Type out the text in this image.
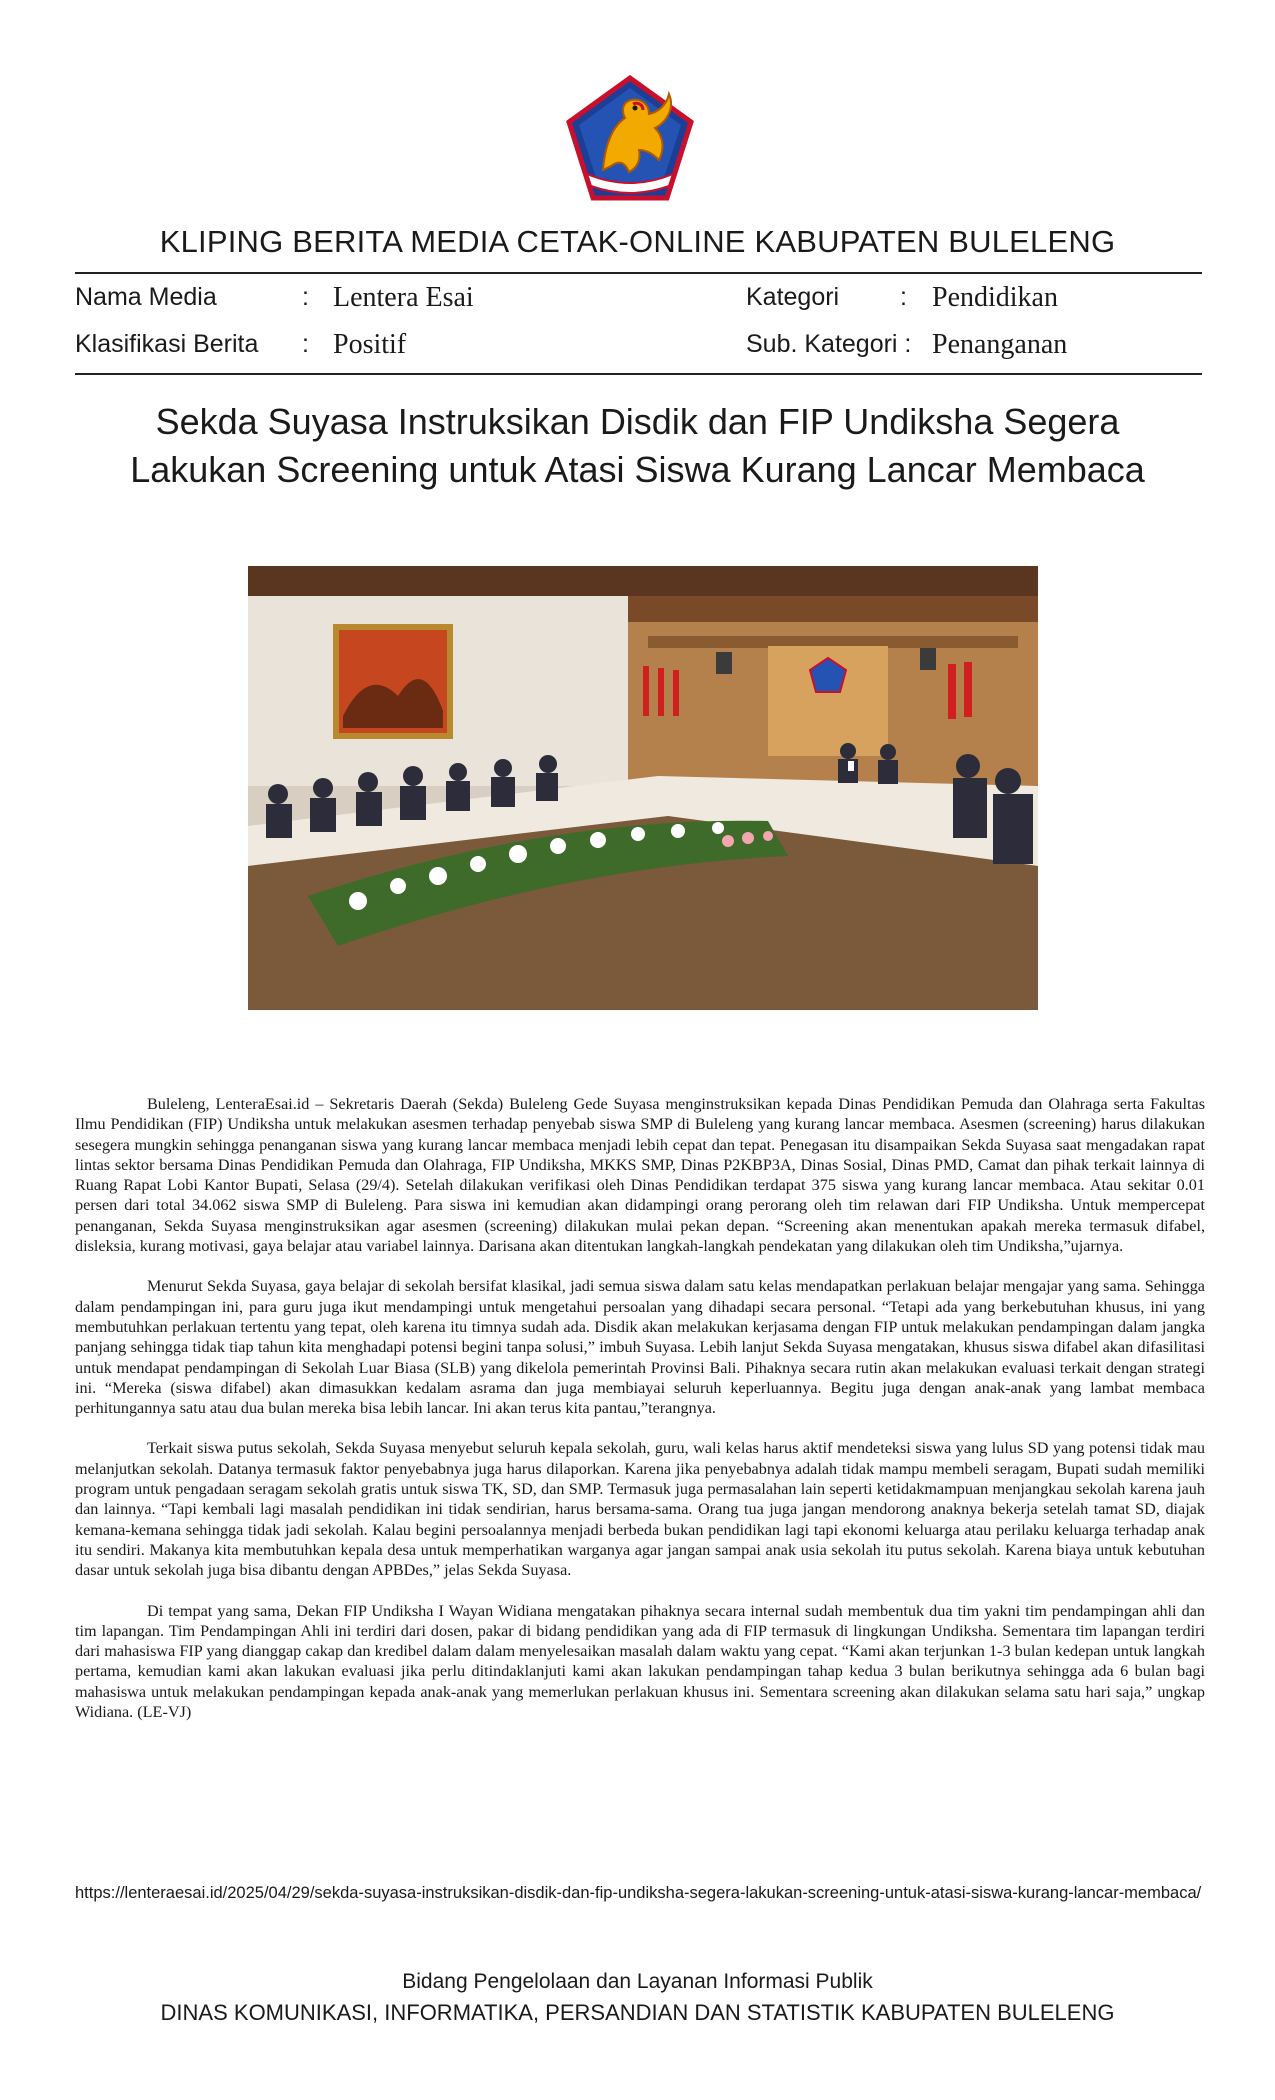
KLIPING BERITA MEDIA CETAK-ONLINE KABUPATEN BULELENG
Nama Media	: Lentera Esai
Klasifikasi Berita : Positif
Kategori : Pendidikan
Sub. Kategori : Penanganan
Sekda Suyasa Instruksikan Disdik dan FIP Undiksha Segera Lakukan Screening untuk Atasi Siswa Kurang Lancar Membaca

Buleleng, LenteraEsai.id – Sekretaris Daerah (Sekda) Buleleng Gede Suyasa menginstruksikan kepada Dinas Pendidikan Pemuda dan Olahraga serta Fakultas Ilmu Pendidikan (FIP) Undiksha untuk melakukan asesmen terhadap penyebab siswa SMP di Buleleng yang kurang lancar membaca. Asesmen (screening) harus dilakukan sesegera mungkin sehingga penanganan siswa yang kurang lancar membaca menjadi lebih cepat dan tepat. Penegasan itu disampaikan Sekda Suyasa saat mengadakan rapat lintas sektor bersama Dinas Pendidikan Pemuda dan Olahraga, FIP Undiksha, MKKS SMP, Dinas P2KBP3A, Dinas Sosial, Dinas PMD, Camat dan pihak terkait lainnya di Ruang Rapat Lobi Kantor Bupati, Selasa (29/4). Setelah dilakukan verifikasi oleh Dinas Pendidikan terdapat 375 siswa yang kurang lancar membaca. Atau sekitar 0.01 persen dari total 34.062 siswa SMP di Buleleng. Para siswa ini kemudian akan didampingi orang perorang oleh tim relawan dari FIP Undiksha. Untuk mempercepat penanganan, Sekda Suyasa menginstruksikan agar asesmen (screening) dilakukan mulai pekan depan. “Screening akan menentukan apakah mereka termasuk difabel, disleksia, kurang motivasi, gaya belajar atau variabel lainnya. Darisana akan ditentukan langkah-langkah pendekatan yang dilakukan oleh tim Undiksha,”ujarnya.

Menurut Sekda Suyasa, gaya belajar di sekolah bersifat klasikal, jadi semua siswa dalam satu kelas mendapatkan perlakuan belajar mengajar yang sama. Sehingga dalam pendampingan ini, para guru juga ikut mendampingi untuk mengetahui persoalan yang dihadapi secara personal. “Tetapi ada yang berkebutuhan khusus, ini yang membutuhkan perlakuan tertentu yang tepat, oleh karena itu timnya sudah ada. Disdik akan melakukan kerjasama dengan FIP untuk melakukan pendampingan dalam jangka panjang sehingga tidak tiap tahun kita menghadapi potensi begini tanpa solusi,” imbuh Suyasa. Lebih lanjut Sekda Suyasa mengatakan, khusus siswa difabel akan difasilitasi untuk mendapat pendampingan di Sekolah Luar Biasa (SLB) yang dikelola pemerintah Provinsi Bali. Pihaknya secara rutin akan melakukan evaluasi terkait dengan strategi ini. “Mereka (siswa difabel) akan dimasukkan kedalam asrama dan juga membiayai seluruh keperluannya. Begitu juga dengan anak-anak yang lambat membaca perhitungannya satu atau dua bulan mereka bisa lebih lancar. Ini akan terus kita pantau,”terangnya.

Terkait siswa putus sekolah, Sekda Suyasa menyebut seluruh kepala sekolah, guru, wali kelas harus aktif mendeteksi siswa yang lulus SD yang potensi tidak mau melanjutkan sekolah. Datanya termasuk faktor penyebabnya juga harus dilaporkan. Karena jika penyebabnya adalah tidak mampu membeli seragam, Bupati sudah memiliki program untuk pengadaan seragam sekolah gratis untuk siswa TK, SD, dan SMP. Termasuk juga permasalahan lain seperti ketidakmampuan menjangkau sekolah karena jauh dan lainnya. “Tapi kembali lagi masalah pendidikan ini tidak sendirian, harus bersama-sama. Orang tua juga jangan mendorong anaknya bekerja setelah tamat SD, diajak kemana-kemana sehingga tidak jadi sekolah. Kalau begini persoalannya menjadi berbeda bukan pendidikan lagi tapi ekonomi keluarga atau perilaku keluarga terhadap anak itu sendiri. Makanya kita membutuhkan kepala desa untuk memperhatikan warganya agar jangan sampai anak usia sekolah itu putus sekolah. Karena biaya untuk kebutuhan dasar untuk sekolah juga bisa dibantu dengan APBDes,” jelas Sekda Suyasa.

Di tempat yang sama, Dekan FIP Undiksha I Wayan Widiana mengatakan pihaknya secara internal sudah membentuk dua tim yakni tim pendampingan ahli dan tim lapangan. Tim Pendampingan Ahli ini terdiri dari dosen, pakar di bidang pendidikan yang ada di FIP termasuk di lingkungan Undiksha. Sementara tim lapangan terdiri dari mahasiswa FIP yang dianggap cakap dan kredibel dalam dalam menyelesaikan masalah dalam waktu yang cepat. “Kami akan terjunkan 1-3 bulan kedepan untuk langkah pertama, kemudian kami akan lakukan evaluasi jika perlu ditindaklanjuti kami akan lakukan pendampingan tahap kedua 3 bulan berikutnya sehingga ada 6 bulan bagi mahasiswa untuk melakukan pendampingan kepada anak-anak yang memerlukan perlakuan khusus ini. Sementara screening akan dilakukan selama satu hari saja,” ungkap Widiana. (LE-VJ)

https://lenteraesai.id/2025/04/29/sekda-suyasa-instruksikan-disdik-dan-fip-undiksha-segera-lakukan-screening-untuk-atasi-siswa-kurang-lancar-membaca/
Bidang Pengelolaan dan Layanan Informasi Publik
DINAS KOMUNIKASI, INFORMATIKA, PERSANDIAN DAN STATISTIK KABUPATEN BULELENG
